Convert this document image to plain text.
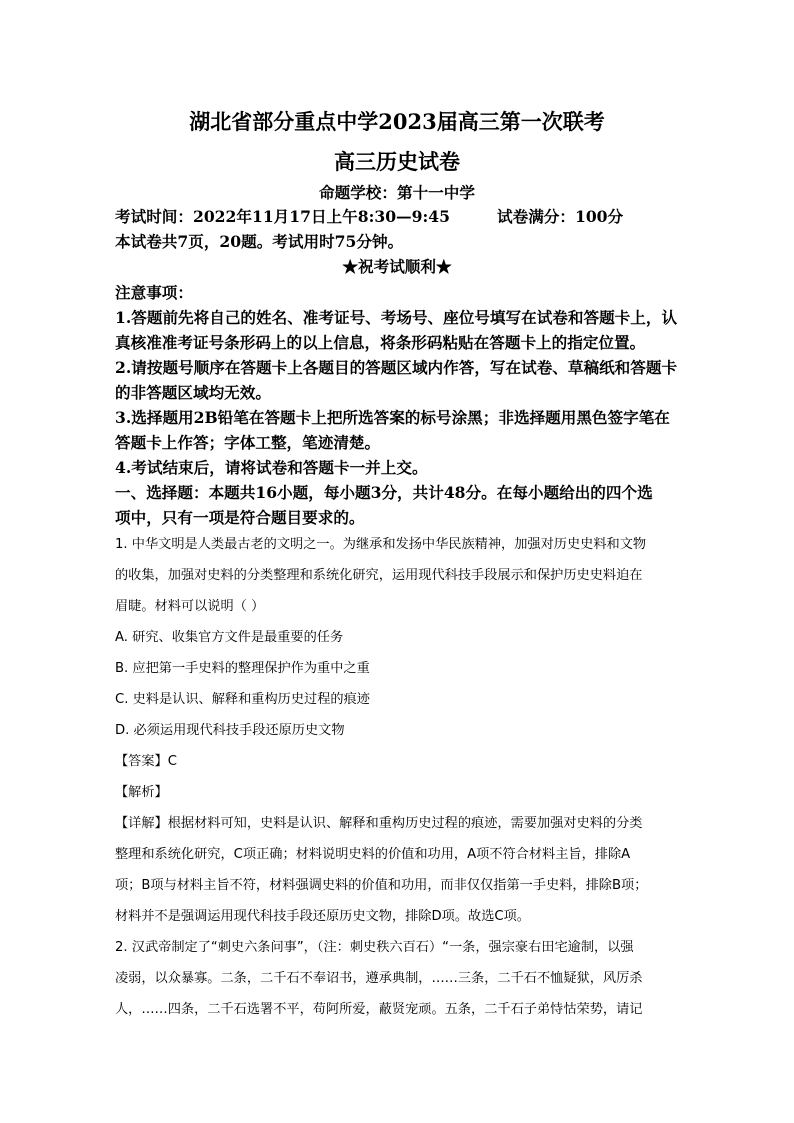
湖北省部分重点中学2023届高三第一次联考
高三历史试卷
命题学校：第十一中学
考试时间：2022年11月17日上午8:30—9:45	试卷满分：100分
本试卷共7页，20题。考试用时75分钟。
★祝考试顺利★
注意事项：
1.答题前先将自己的姓名、准考证号、考场号、座位号填写在试卷和答题卡上，认
真核准准考证号条形码上的以上信息，将条形码粘贴在答题卡上的指定位置。
2.请按题号顺序在答题卡上各题目的答题区域内作答，写在试卷、草稿纸和答题卡
的非答题区域均无效。
3.选择题用2B铅笔在答题卡上把所选答案的标号涂黑；非选择题用黑色签字笔在
答题卡上作答；字体工整，笔迹清楚。
4.考试结束后，请将试卷和答题卡一并上交。
一、选择题：本题共16小题，每小题3分，共计48分。在每小题给出的四个选
项中，只有一项是符合题目要求的。
1. 中华文明是人类最古老的文明之一。为继承和发扬中华民族精神，加强对历史史料和文物
的收集，加强对史料的分类整理和系统化研究，运用现代科技手段展示和保护历史史料迫在
眉睫。材料可以说明（ ）
A. 研究、收集官方文件是最重要的任务
B. 应把第一手史料的整理保护作为重中之重
C. 史料是认识、解释和重构历史过程的痕迹
D. 必须运用现代科技手段还原历史文物
【答案】C
【解析】
【详解】根据材料可知，史料是认识、解释和重构历史过程的痕迹，需要加强对史料的分类
整理和系统化研究，C项正确；材料说明史料的价值和功用，A项不符合材料主旨，排除A
项；B项与材料主旨不符，材料强调史料的价值和功用，而非仅仅指第一手史料，排除B项；
材料并不是强调运用现代科技手段还原历史文物，排除D项。故选C项。
2. 汉武帝制定了“刺史六条问事”，（注：刺史秩六百石）“一条，强宗豪右田宅逾制，以强
凌弱，以众暴寡。二条，二千石不奉诏书，遵承典制，……三条，二千石不恤疑狱，风厉杀
人，……四条，二千石选署不平，苟阿所爱，蔽贤宠顽。五条，二千石子弟恃怙荣势，请记
